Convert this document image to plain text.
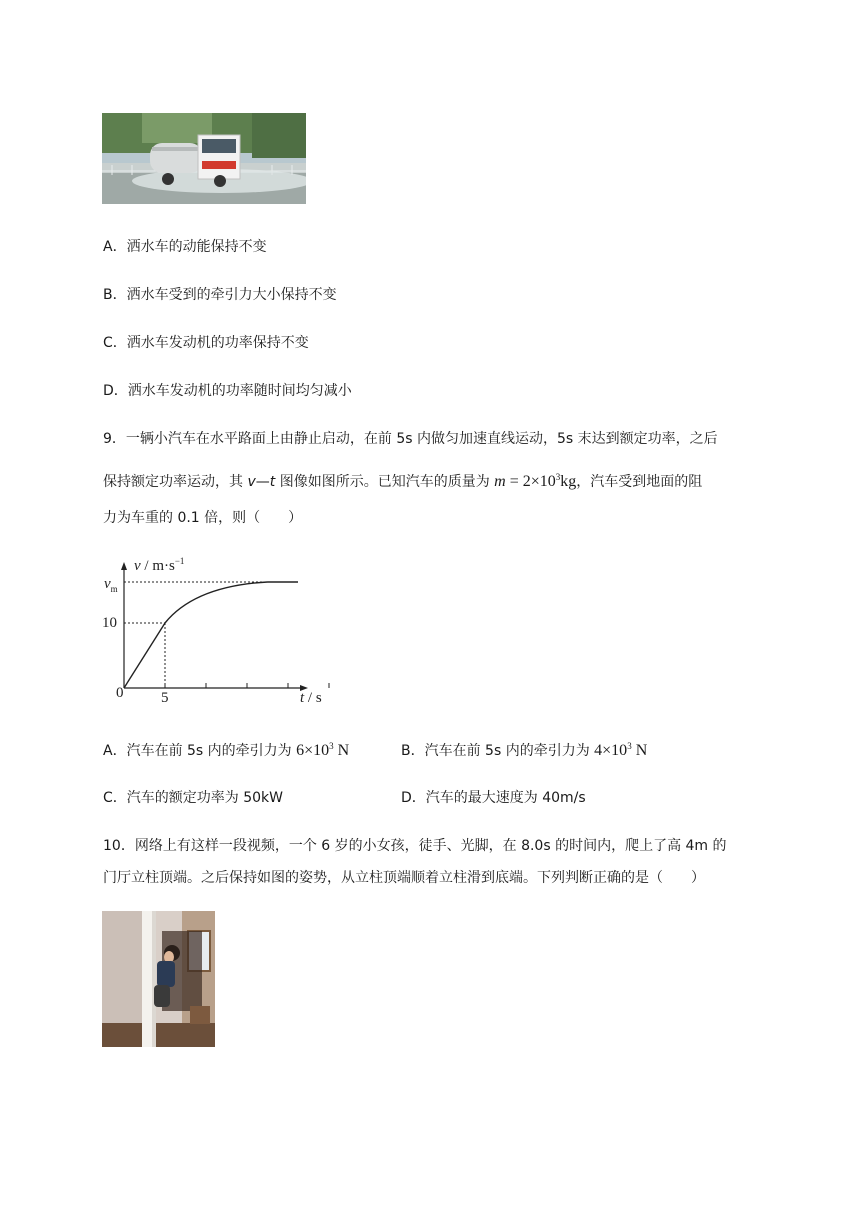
A．洒水车的动能保持不变
B．洒水车受到的牵引力大小保持不变
C．洒水车发动机的功率保持不变
D．洒水车发动机的功率随时间均匀减小
9．一辆小汽车在水平路面上由静止启动，在前 5s 内做匀加速直线运动，5s 末达到额定功率，之后
保持额定功率运动，其 v—t 图像如图所示。已知汽车的质量为 $m = 2\times 10^3kg$，汽车受到地面的阻
力为车重的 0.1 倍，则（　　）
$v / m\cdot s^{-1}$
$v_m$
10
0	5	t / s
A．汽车在前 5s 内的牵引力为 $6\times 10^3$ N	B．汽车在前 5s 内的牵引力为 $4\times 10^3$ N
C．汽车的额定功率为 50kW	D．汽车的最大速度为 40m/s
10．网络上有这样一段视频，一个 6 岁的小女孩，徒手、光脚，在 8.0s 的时间内，爬上了高 4m 的
门厅立柱顶端。之后保持如图的姿势，从立柱顶端顺着立柱滑到底端。下列判断正确的是（　　）
